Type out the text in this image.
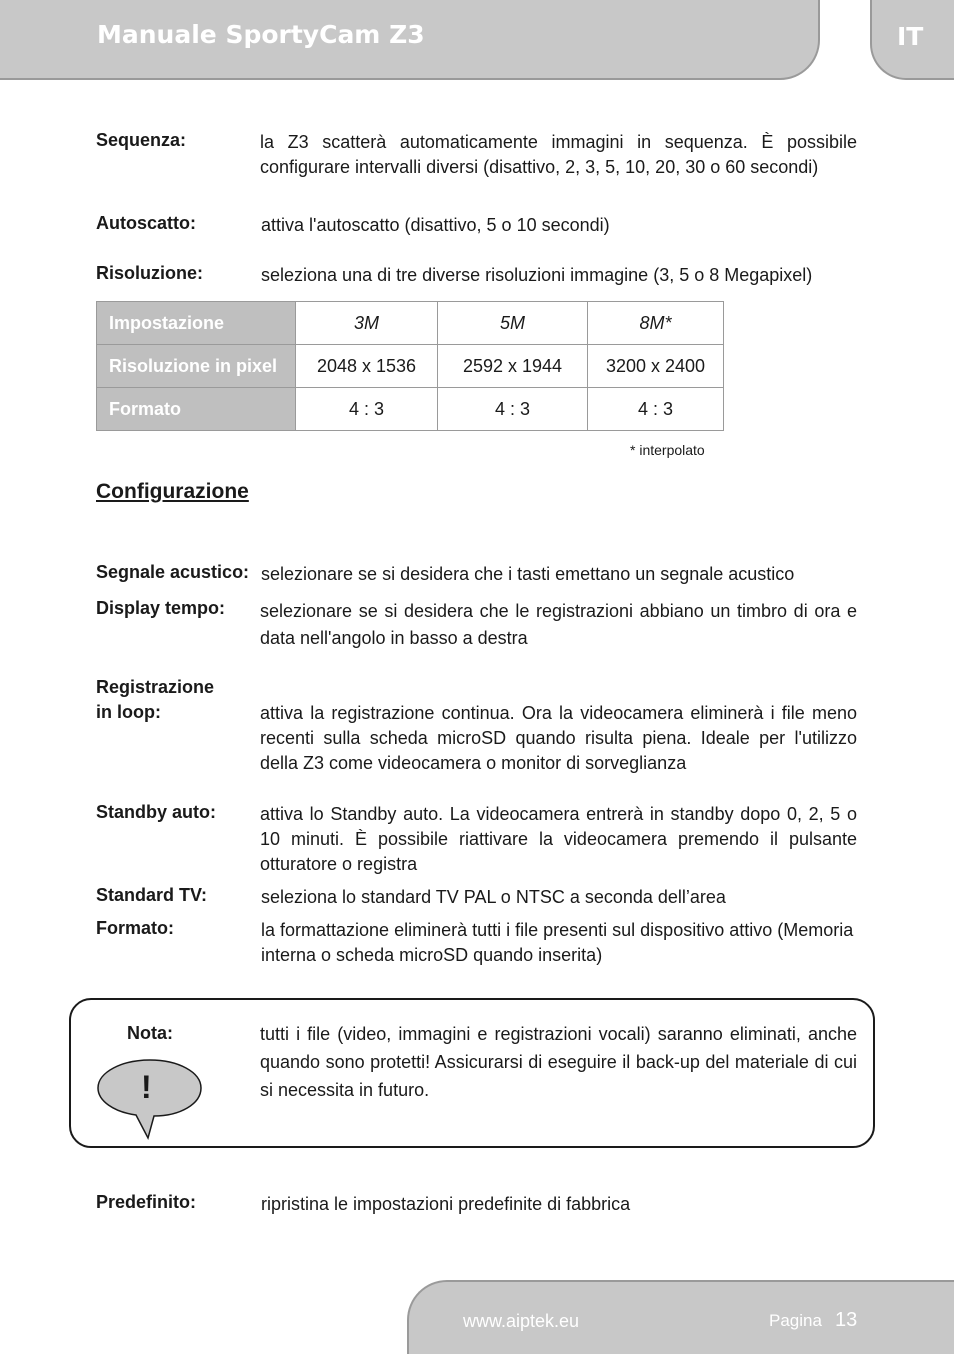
Manuale SportyCam Z3	IT
Sequenza:	la Z3 scatterà automaticamente immagini in sequenza. È possibile configurare intervalli diversi (disattivo, 2, 3, 5, 10, 20, 30 o 60 secondi)
Autoscatto:	attiva l'autoscatto (disattivo, 5 o 10 secondi)
Risoluzione:	seleziona una di tre diverse risoluzioni immagine (3, 5 o 8 Megapixel)
Impostazione	3M	5M	8M*
Risoluzione in pixel	2048 x 1536	2592 x 1944	3200 x 2400
Formato	4 : 3	4 : 3	4 : 3
* interpolato
Configurazione
Segnale acustico: selezionare se si desidera che i tasti emettano un segnale acustico
Display tempo: selezionare se si desidera che le registrazioni abbiano un timbro di ora e data nell'angolo in basso a destra
Registrazione
in loop:	attiva la registrazione continua. Ora la videocamera eliminerà i file meno recenti sulla scheda microSD quando risulta piena. Ideale per l'utilizzo della Z3 come videocamera o monitor di sorveglianza
Standby auto: attiva lo Standby auto. La videocamera entrerà in standby dopo 0, 2, 5 o 10 minuti. È possibile riattivare la videocamera premendo il pulsante otturatore o registra
Standard TV:	seleziona lo standard TV PAL o NTSC a seconda dell’area
Formato:	la formattazione eliminerà tutti i file presenti sul dispositivo attivo (Memoria interna o scheda microSD quando inserita)
Nota:
!
tutti i file (video, immagini e registrazioni vocali) saranno eliminati, anche quando sono protetti! Assicurarsi di eseguire il back-up del materiale di cui si necessita in futuro.
Predefinito:	ripristina le impostazioni predefinite di fabbrica
www.aiptek.eu	Pagina 13
